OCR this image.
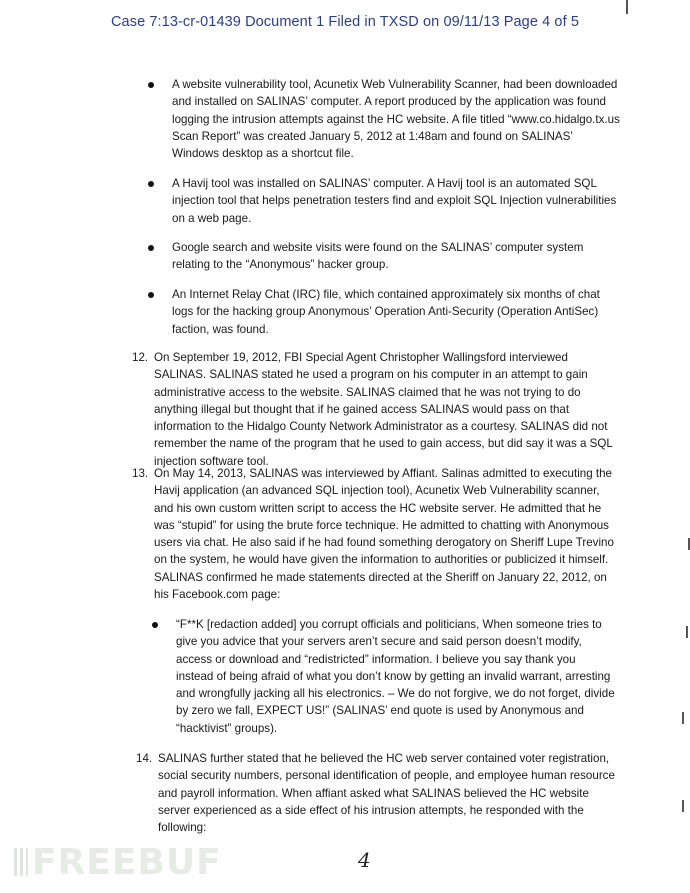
Case 7:13-cr-01439 Document 1 Filed in TXSD on 09/11/13 Page 4 of 5
A website vulnerability tool, Acunetix Web Vulnerability Scanner, had been downloaded and installed on SALINAS’ computer. A report produced by the application was found logging the intrusion attempts against the HC website. A file titled “www.co.hidalgo.tx.us Scan Report” was created January 5, 2012 at 1:48am and found on SALINAS’ Windows desktop as a shortcut file.
A Havij tool was installed on SALINAS’ computer. A Havij tool is an automated SQL injection tool that helps penetration testers find and exploit SQL Injection vulnerabilities on a web page.
Google search and website visits were found on the SALINAS’ computer system relating to the “Anonymous” hacker group.
An Internet Relay Chat (IRC) file, which contained approximately six months of chat logs for the hacking group Anonymous’ Operation Anti-Security (Operation AntiSec) faction, was found.
12. On September 19, 2012, FBI Special Agent Christopher Wallingsford interviewed SALINAS. SALINAS stated he used a program on his computer in an attempt to gain administrative access to the website. SALINAS claimed that he was not trying to do anything illegal but thought that if he gained access SALINAS would pass on that information to the Hidalgo County Network Administrator as a courtesy. SALINAS did not remember the name of the program that he used to gain access, but did say it was a SQL injection software tool.
13. On May 14, 2013, SALINAS was interviewed by Affiant. Salinas admitted to executing the Havij application (an advanced SQL injection tool), Acunetix Web Vulnerability scanner, and his own custom written script to access the HC website server. He admitted that he was “stupid” for using the brute force technique. He admitted to chatting with Anonymous users via chat. He also said if he had found something derogatory on Sheriff Lupe Trevino on the system, he would have given the information to authorities or publicized it himself. SALINAS confirmed he made statements directed at the Sheriff on January 22, 2012, on his Facebook.com page:
“F**K [redaction added] you corrupt officials and politicians, When someone tries to give you advice that your servers aren’t secure and said person doesn’t modify, access or download and “redistricted” information. I believe you say thank you instead of being afraid of what you don’t know by getting an invalid warrant, arresting and wrongfully jacking all his electronics. – We do not forgive, we do not forget, divide by zero we fall, EXPECT US!” (SALINAS’ end quote is used by Anonymous and “hacktivist” groups).
14. SALINAS further stated that he believed the HC web server contained voter registration, social security numbers, personal identification of people, and employee human resource and payroll information. When affiant asked what SALINAS believed the HC website server experienced as a side effect of his intrusion attempts, he responded with the following:
4
FREEBUF
